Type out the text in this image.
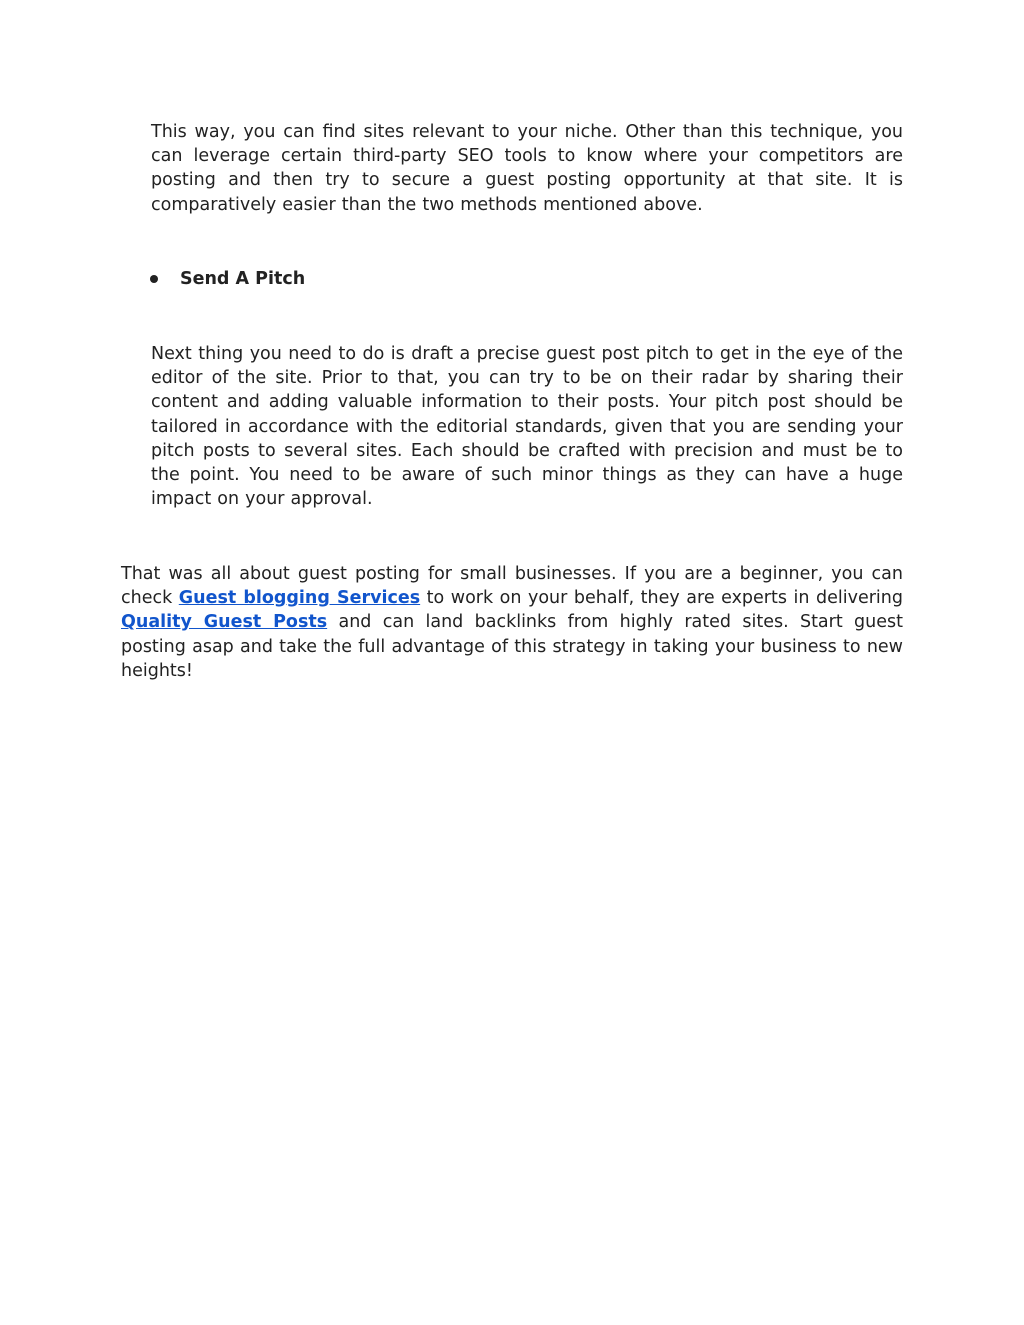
This way, you can find sites relevant to your niche. Other than this technique, you can leverage certain third-party SEO tools to know where your competitors are posting and then try to secure a guest posting opportunity at that site. It is comparatively easier than the two methods mentioned above.

Send A Pitch

Next thing you need to do is draft a precise guest post pitch to get in the eye of the editor of the site. Prior to that, you can try to be on their radar by sharing their content and adding valuable information to their posts. Your pitch post should be tailored in accordance with the editorial standards, given that you are sending your pitch posts to several sites. Each should be crafted with precision and must be to the point. You need to be aware of such minor things as they can have a huge impact on your approval.

That was all about guest posting for small businesses. If you are a beginner, you can check Guest blogging Services to work on your behalf, they are experts in delivering Quality Guest Posts and can land backlinks from highly rated sites. Start guest posting asap and take the full advantage of this strategy in taking your business to new heights!
